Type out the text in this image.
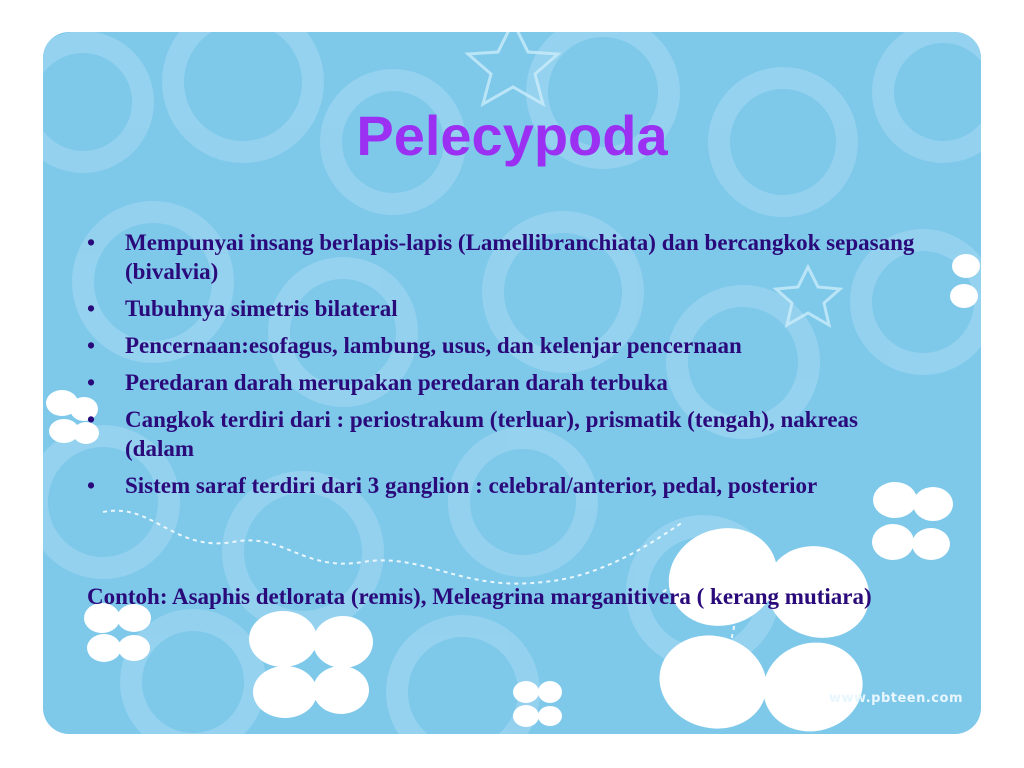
Pelecypoda
•	Mempunyai insang berlapis-lapis (Lamellibranchiata) dan bercangkok sepasang (bivalvia)
•	Tubuhnya simetris bilateral
•	Pencernaan:esofagus, lambung, usus, dan kelenjar pencernaan
•	Peredaran darah merupakan peredaran darah terbuka
•	Cangkok terdiri dari : periostrakum (terluar), prismatik (tengah), nakreas (dalam
•	Sistem saraf terdiri dari 3 ganglion : celebral/anterior, pedal, posterior
Contoh: Asaphis detlorata (remis), Meleagrina marganitivera ( kerang mutiara)
www.pbteen.com
